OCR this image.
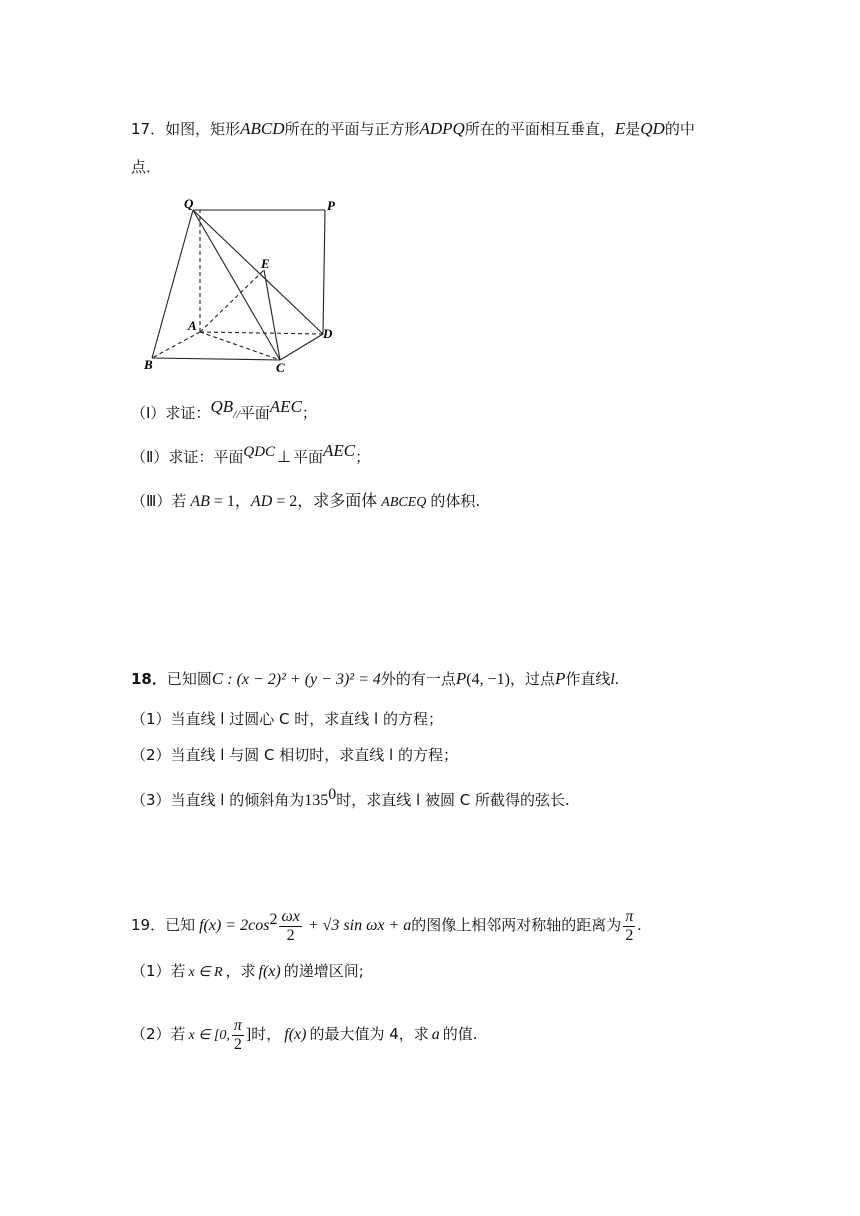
17．如图，矩形ABCD所在的平面与正方形ADPQ所在的平面相互垂直，E是QD的中
点．
Q	P
E
A
D
B	C
（Ⅰ）求证：QB//平面AEC；
（Ⅱ）求证：平面QDC ⊥ 平面AEC；
（Ⅲ）若 AB = 1，AD = 2，求多面体 ABCEQ 的体积.
18．已知圆C : (x − 2)² + (y − 3)² = 4外的有一点P(4, −1)，过点P作直线l.
（1）当直线 l 过圆心 C 时，求直线 l 的方程；
（2）当直线 l 与圆 C 相切时，求直线 l 的方程；
（3）当直线 l 的倾斜角为$135^0$时，求直线 l 被圆 C 所截得的弦长.
19．已知 $f(x) = 2\cos^2 \frac{\omega x}{2} + √3$ sin ωx + a的图像上相邻两对称轴的距离为 $\frac{\pi}{2}$ .
（1）若 x ∈ R ，求 f(x) 的递增区间;
（2）若 x ∈ [0, $\frac{\pi}{2}$ ]时， f(x) 的最大值为 4，求 a 的值.
